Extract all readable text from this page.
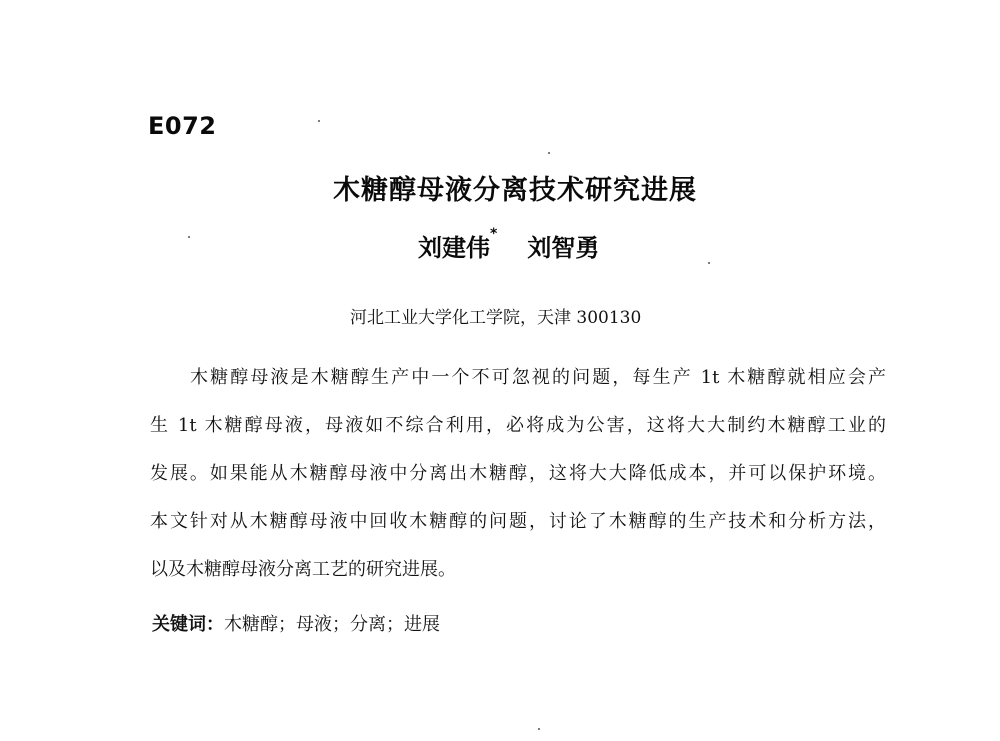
E072
木糖醇母液分离技术研究进展
刘建伟* 刘智勇
河北工业大学化工学院，天津 300130
木糖醇母液是木糖醇生产中一个不可忽视的问题，每生产 1t 木糖醇就相应会产
生 1t 木糖醇母液，母液如不综合利用，必将成为公害，这将大大制约木糖醇工业的
发展。如果能从木糖醇母液中分离出木糖醇，这将大大降低成本，并可以保护环境。
本文针对从木糖醇母液中回收木糖醇的问题，讨论了木糖醇的生产技术和分析方法，
以及木糖醇母液分离工艺的研究进展。
关键词：木糖醇；母液；分离；进展
